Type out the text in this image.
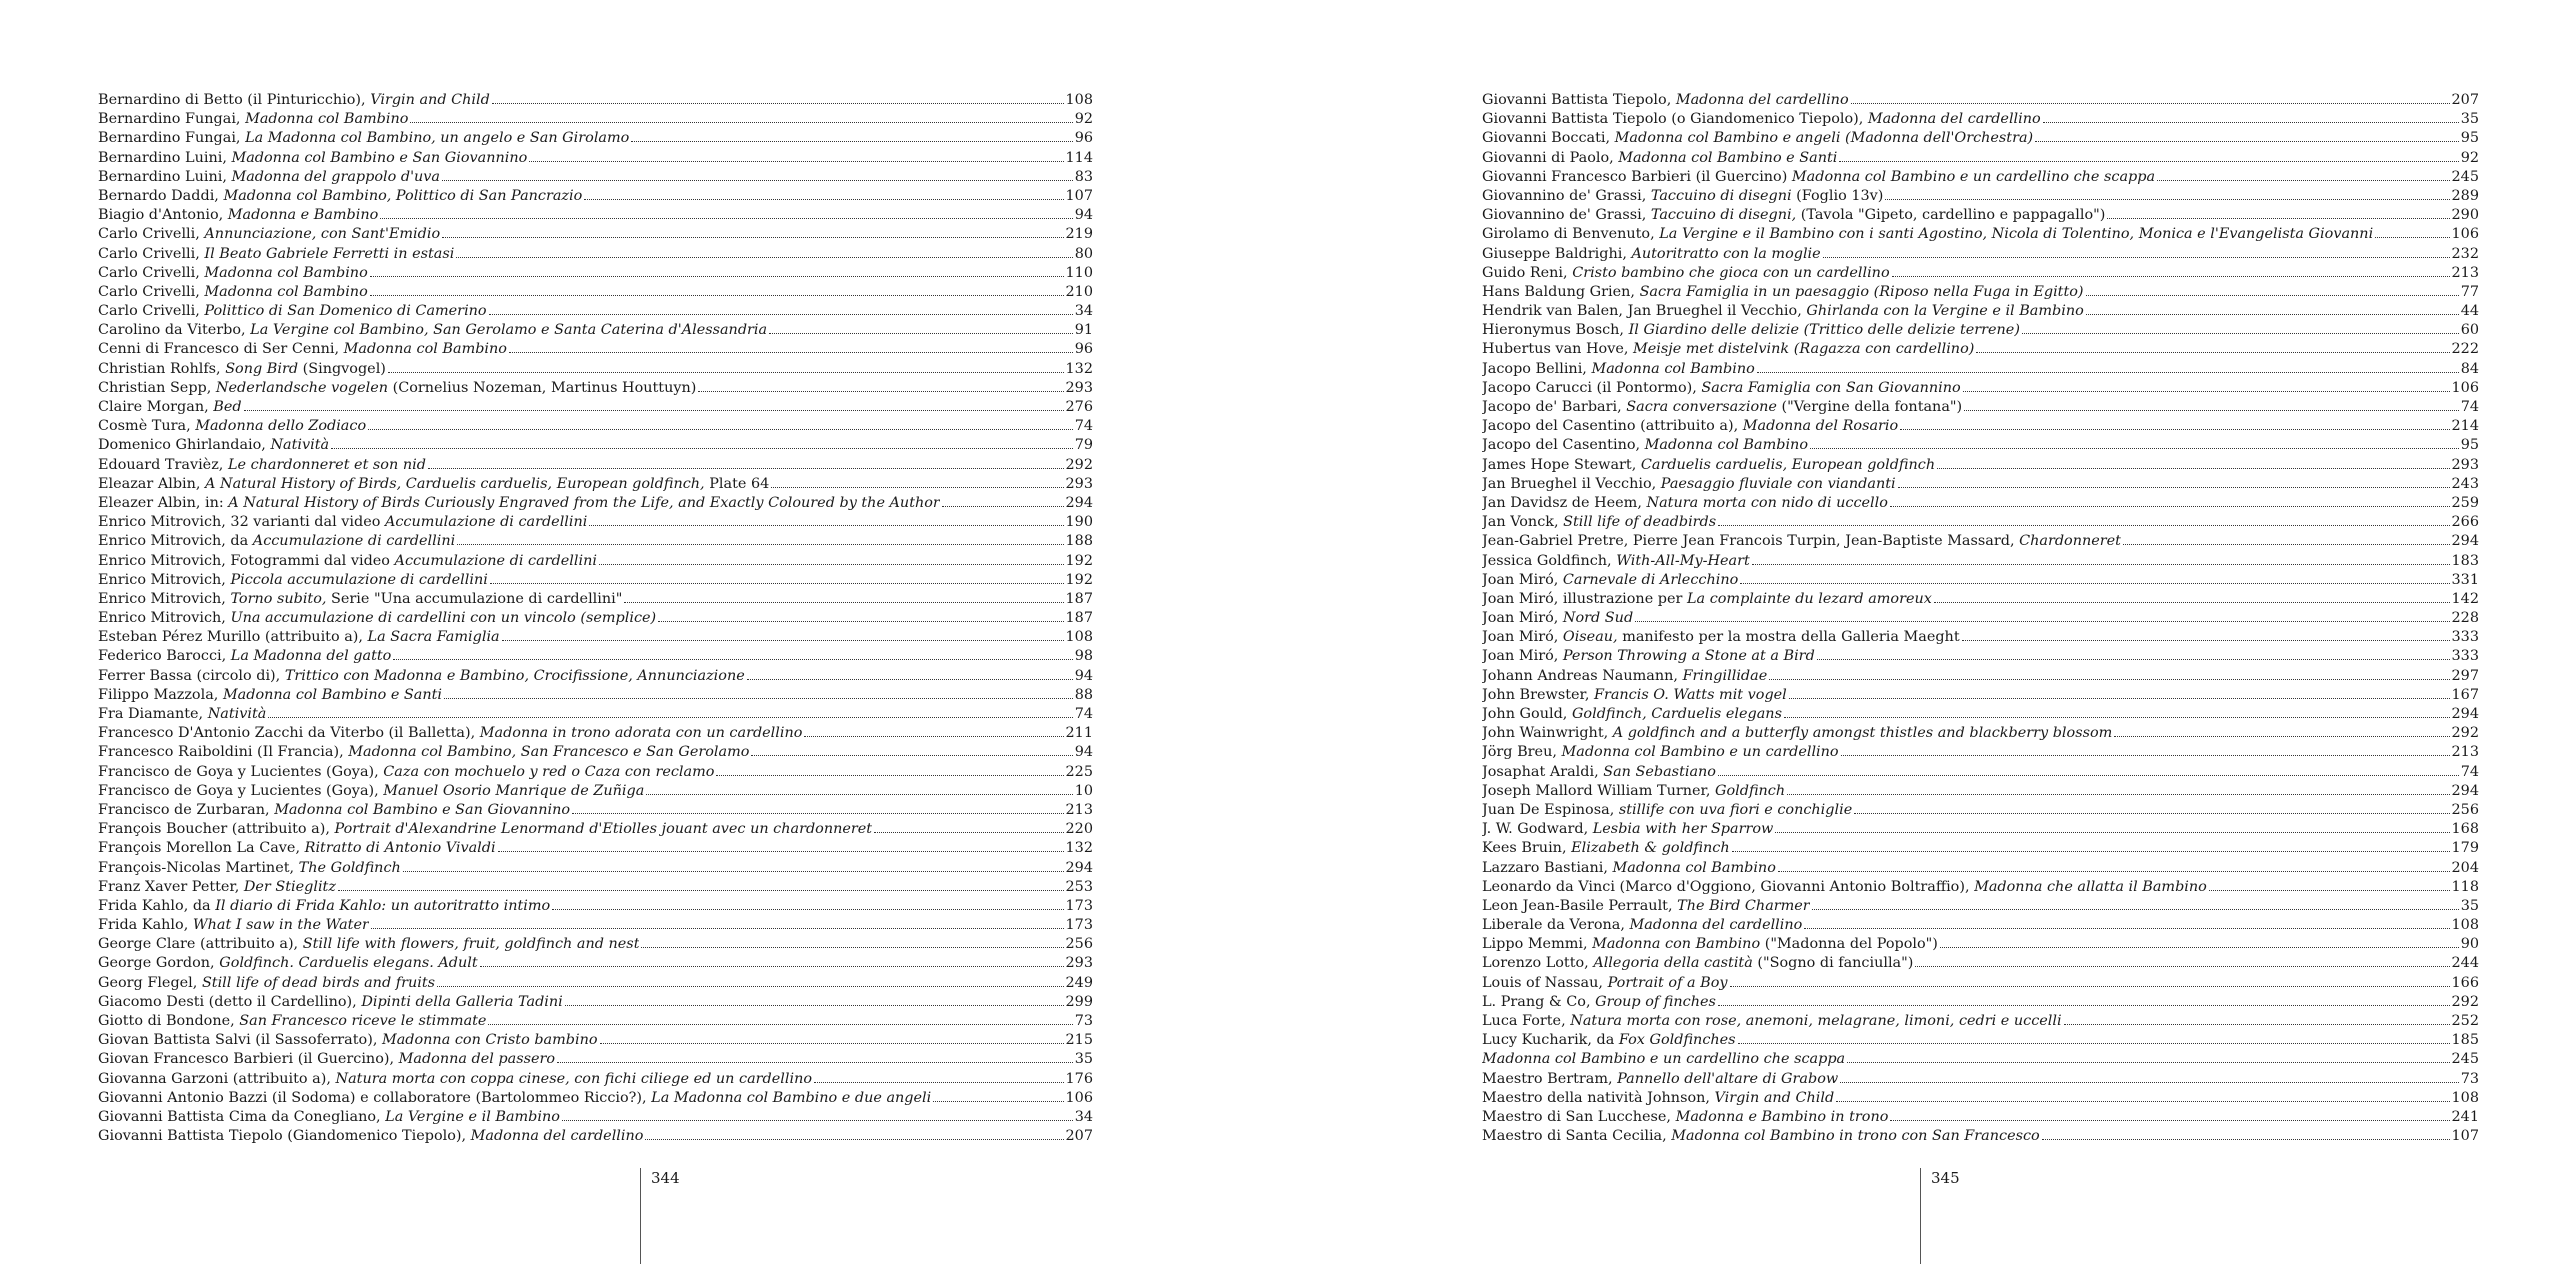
Bernardino di Betto (il Pinturicchio), Virgin and Child	108
Bernardino Fungai, Madonna col Bambino	92
Bernardino Fungai, La Madonna col Bambino, un angelo e San Girolamo	96
Bernardino Luini, Madonna col Bambino e San Giovannino	114
Bernardino Luini, Madonna del grappolo d'uva	83
Bernardo Daddi, Madonna col Bambino, Polittico di San Pancrazio	107
Biagio d'Antonio, Madonna e Bambino	94
Carlo Crivelli, Annunciazione, con Sant'Emidio	219
Carlo Crivelli, Il Beato Gabriele Ferretti in estasi	80
Carlo Crivelli, Madonna col Bambino	110
Carlo Crivelli, Madonna col Bambino	210
Carlo Crivelli, Polittico di San Domenico di Camerino	34
Carolino da Viterbo, La Vergine col Bambino, San Gerolamo e Santa Caterina d'Alessandria	91
Cenni di Francesco di Ser Cenni, Madonna col Bambino	96
Christian Rohlfs, Song Bird (Singvogel)	132
Christian Sepp, Nederlandsche vogelen (Cornelius Nozeman, Martinus Houttuyn)	293
Claire Morgan, Bed	276
Cosmè Tura, Madonna dello Zodiaco	74
Domenico Ghirlandaio, Natività	79
Edouard Travièz, Le chardonneret et son nid	292
Eleazar Albin, A Natural History of Birds, Carduelis carduelis, European goldfinch, Plate 64	293
Eleazer Albin, in: A Natural History of Birds Curiously Engraved from the Life, and Exactly Coloured by the Author	294
Enrico Mitrovich, 32 varianti dal video Accumulazione di cardellini	190
Enrico Mitrovich, da Accumulazione di cardellini	188
Enrico Mitrovich, Fotogrammi dal video Accumulazione di cardellini	192
Enrico Mitrovich, Piccola accumulazione di cardellini	192
Enrico Mitrovich, Torno subito, Serie "Una accumulazione di cardellini"	187
Enrico Mitrovich, Una accumulazione di cardellini con un vincolo (semplice)	187
Esteban Pérez Murillo (attribuito a), La Sacra Famiglia	108
Federico Barocci, La Madonna del gatto	98
Ferrer Bassa (circolo di), Trittico con Madonna e Bambino, Crocifissione, Annunciazione	94
Filippo Mazzola, Madonna col Bambino e Santi	88
Fra Diamante, Natività	74
Francesco D'Antonio Zacchi da Viterbo (il Balletta), Madonna in trono adorata con un cardellino	211
Francesco Raiboldini (Il Francia), Madonna col Bambino, San Francesco e San Gerolamo	94
Francisco de Goya y Lucientes (Goya), Caza con mochuelo y red o Caza con reclamo	225
Francisco de Goya y Lucientes (Goya), Manuel Osorio Manrique de Zuñiga	10
Francisco de Zurbaran, Madonna col Bambino e San Giovannino	213
François Boucher (attribuito a), Portrait d'Alexandrine Lenormand d'Etiolles jouant avec un chardonneret	220
François Morellon La Cave, Ritratto di Antonio Vivaldi	132
François-Nicolas Martinet, The Goldfinch	294
Franz Xaver Petter, Der Stieglitz	253
Frida Kahlo, da Il diario di Frida Kahlo: un autoritratto intimo	173
Frida Kahlo, What I saw in the Water	173
George Clare (attribuito a), Still life with flowers, fruit, goldfinch and nest	256
George Gordon, Goldfinch. Carduelis elegans. Adult	293
Georg Flegel, Still life of dead birds and fruits	249
Giacomo Desti (detto il Cardellino), Dipinti della Galleria Tadini	299
Giotto di Bondone, San Francesco riceve le stimmate	73
Giovan Battista Salvi (il Sassoferrato), Madonna con Cristo bambino	215
Giovan Francesco Barbieri (il Guercino), Madonna del passero	35
Giovanna Garzoni (attribuito a), Natura morta con coppa cinese, con fichi ciliege ed un cardellino	176
Giovanni Antonio Bazzi (il Sodoma) e collaboratore (Bartolommeo Riccio?), La Madonna col Bambino e due angeli	106
Giovanni Battista Cima da Conegliano, La Vergine e il Bambino	34
Giovanni Battista Tiepolo (Giandomenico Tiepolo), Madonna del cardellino	207
344
Giovanni Battista Tiepolo, Madonna del cardellino	207
Giovanni Battista Tiepolo (o Giandomenico Tiepolo), Madonna del cardellino	35
Giovanni Boccati, Madonna col Bambino e angeli (Madonna dell'Orchestra)	95
Giovanni di Paolo, Madonna col Bambino e Santi	92
Giovanni Francesco Barbieri (il Guercino) Madonna col Bambino e un cardellino che scappa	245
Giovannino de' Grassi, Taccuino di disegni (Foglio 13v)	289
Giovannino de' Grassi, Taccuino di disegni, (Tavola "Gipeto, cardellino e pappagallo")	290
Girolamo di Benvenuto, La Vergine e il Bambino con i santi Agostino, Nicola di Tolentino, Monica e l'Evangelista Giovanni	106
Giuseppe Baldrighi, Autoritratto con la moglie	232
Guido Reni, Cristo bambino che gioca con un cardellino	213
Hans Baldung Grien, Sacra Famiglia in un paesaggio (Riposo nella Fuga in Egitto)	77
Hendrik van Balen, Jan Brueghel il Vecchio, Ghirlanda con la Vergine e il Bambino	44
Hieronymus Bosch, Il Giardino delle delizie (Trittico delle delizie terrene)	60
Hubertus van Hove, Meisje met distelvink (Ragazza con cardellino)	222
Jacopo Bellini, Madonna col Bambino	84
Jacopo Carucci (il Pontormo), Sacra Famiglia con San Giovannino	106
Jacopo de' Barbari, Sacra conversazione ("Vergine della fontana")	74
Jacopo del Casentino (attribuito a), Madonna del Rosario	214
Jacopo del Casentino, Madonna col Bambino	95
James Hope Stewart, Carduelis carduelis, European goldfinch	293
Jan Brueghel il Vecchio, Paesaggio fluviale con viandanti	243
Jan Davidsz de Heem, Natura morta con nido di uccello	259
Jan Vonck, Still life of deadbirds	266
Jean-Gabriel Pretre, Pierre Jean Francois Turpin, Jean-Baptiste Massard, Chardonneret	294
Jessica Goldfinch, With-All-My-Heart	183
Joan Miró, Carnevale di Arlecchino	331
Joan Miró, illustrazione per La complainte du lezard amoreux	142
Joan Miró, Nord Sud	228
Joan Miró, Oiseau, manifesto per la mostra della Galleria Maeght	333
Joan Miró, Person Throwing a Stone at a Bird	333
Johann Andreas Naumann, Fringillidae	297
John Brewster, Francis O. Watts mit vogel	167
John Gould, Goldfinch, Carduelis elegans	294
John Wainwright, A goldfinch and a butterfly amongst thistles and blackberry blossom	292
Jörg Breu, Madonna col Bambino e un cardellino	213
Josaphat Araldi, San Sebastiano	74
Joseph Mallord William Turner, Goldfinch	294
Juan De Espinosa, stillife con uva fiori e conchiglie	256
J. W. Godward, Lesbia with her Sparrow	168
Kees Bruin, Elizabeth & goldfinch	179
Lazzaro Bastiani, Madonna col Bambino	204
Leonardo da Vinci (Marco d'Oggiono, Giovanni Antonio Boltraffio), Madonna che allatta il Bambino	118
Leon Jean-Basile Perrault, The Bird Charmer	35
Liberale da Verona, Madonna del cardellino	108
Lippo Memmi, Madonna con Bambino ("Madonna del Popolo")	90
Lorenzo Lotto, Allegoria della castità ("Sogno di fanciulla")	244
Louis of Nassau, Portrait of a Boy	166
L. Prang & Co, Group of finches	292
Luca Forte, Natura morta con rose, anemoni, melagrane, limoni, cedri e uccelli	252
Lucy Kucharik, da Fox Goldfinches	185
Madonna col Bambino e un cardellino che scappa	245
Maestro Bertram, Pannello dell'altare di Grabow	73
Maestro della natività Johnson, Virgin and Child	108
Maestro di San Lucchese, Madonna e Bambino in trono	241
Maestro di Santa Cecilia, Madonna col Bambino in trono con San Francesco	107
345
